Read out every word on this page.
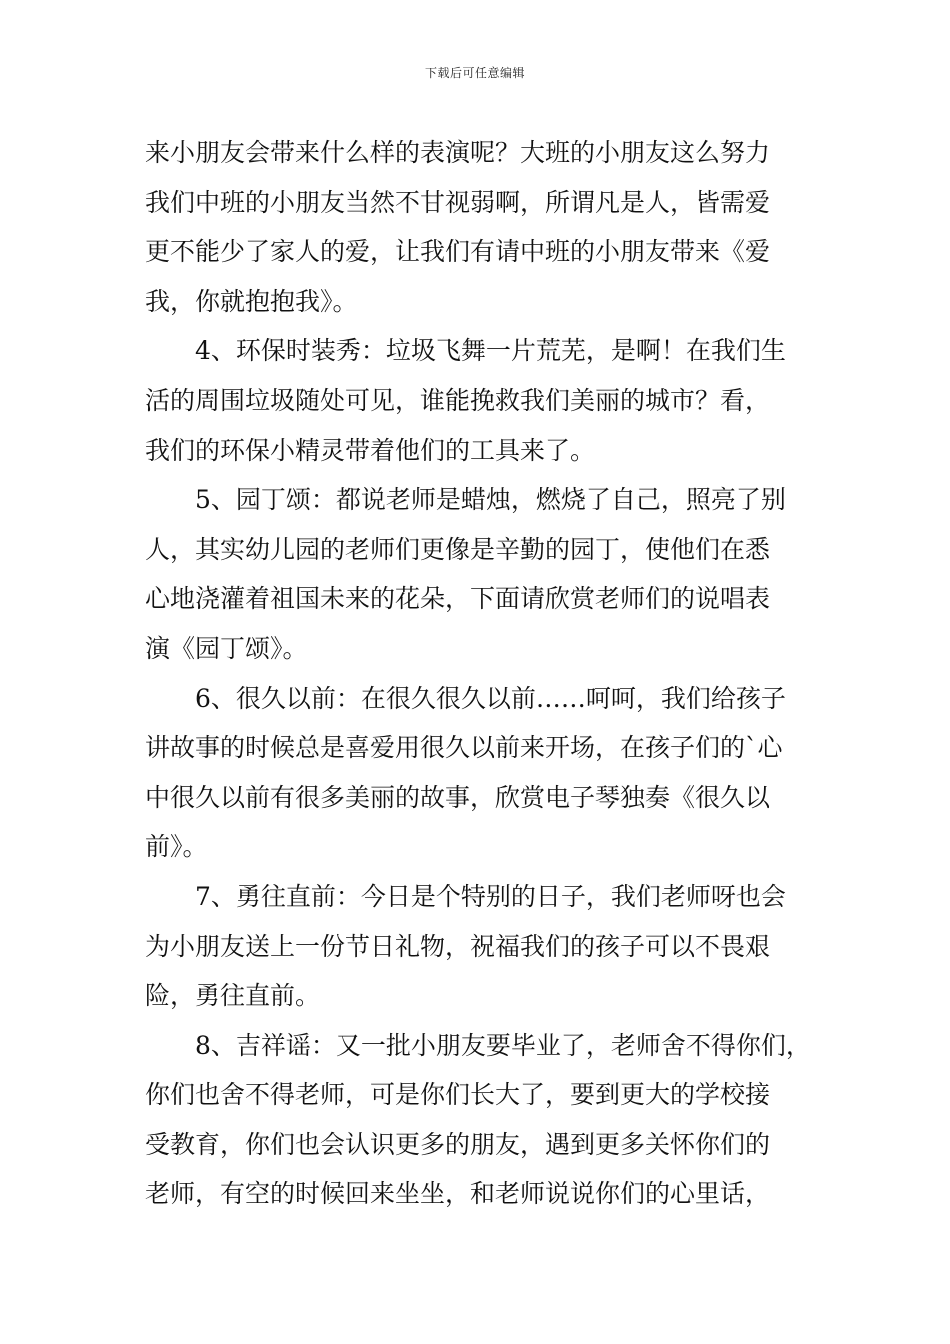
下载后可任意编辑
来小朋友会带来什么样的表演呢？大班的小朋友这么努力
我们中班的小朋友当然不甘视弱啊，所谓凡是人，皆需爱
更不能少了家人的爱，让我们有请中班的小朋友带来《爱
我，你就抱抱我》。
4、环保时装秀：垃圾飞舞一片荒芜，是啊！在我们生
活的周围垃圾随处可见，谁能挽救我们美丽的城市？看，
我们的环保小精灵带着他们的工具来了。
5、园丁颂：都说老师是蜡烛，燃烧了自己，照亮了别
人，其实幼儿园的老师们更像是辛勤的园丁，使他们在悉
心地浇灌着祖国未来的花朵，下面请欣赏老师们的说唱表
演《园丁颂》。
6、很久以前：在很久很久以前……呵呵，我们给孩子
讲故事的时候总是喜爱用很久以前来开场，在孩子们的`心
中很久以前有很多美丽的故事，欣赏电子琴独奏《很久以
前》。
7、勇往直前：今日是个特别的日子，我们老师呀也会
为小朋友送上一份节日礼物，祝福我们的孩子可以不畏艰
险，勇往直前。
8、吉祥谣：又一批小朋友要毕业了，老师舍不得你们，
你们也舍不得老师，可是你们长大了，要到更大的学校接
受教育，你们也会认识更多的朋友，遇到更多关怀你们的
老师，有空的时候回来坐坐，和老师说说你们的心里话，
